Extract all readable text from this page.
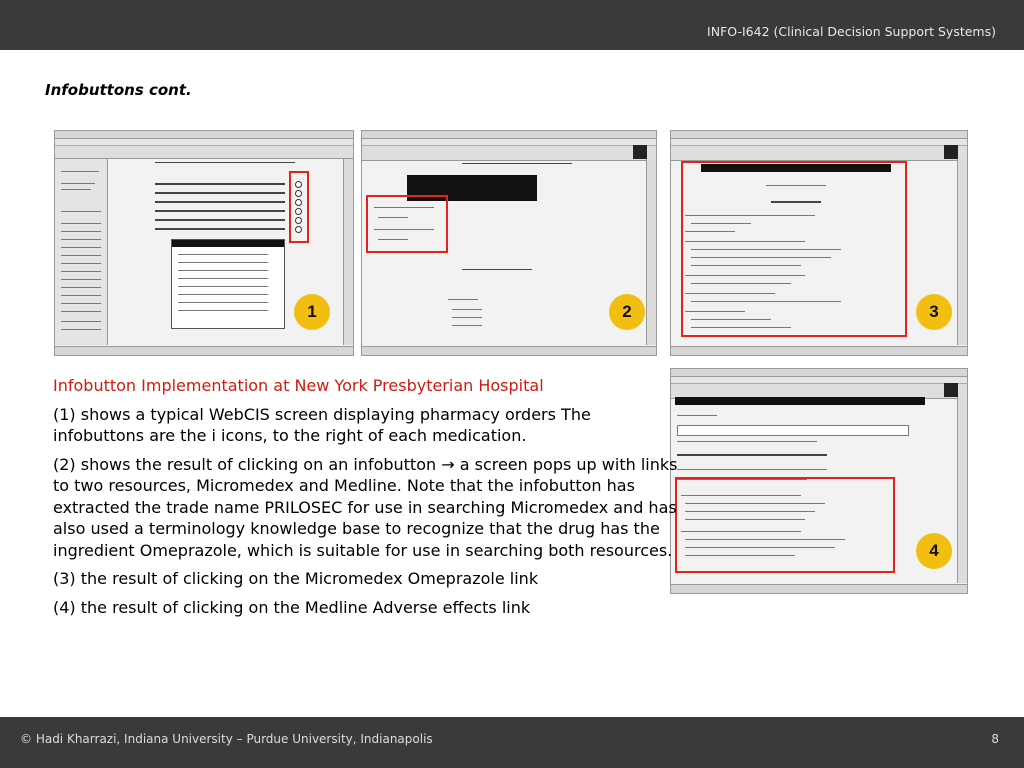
INFO-I642 (Clinical Decision Support Systems)
Infobuttons cont.
1	2	3
4
Infobutton Implementation at New York Presbyterian Hospital

(1) shows a typical WebCIS screen displaying pharmacy orders The infobuttons are the i icons, to the right of each medication.

(2) shows the result of clicking on an infobutton → a screen pops up with links to two resources, Micromedex and Medline. Note that the infobutton has extracted the trade name PRILOSEC for use in searching Micromedex and has also used a terminology knowledge base to recognize that the drug has the ingredient Omeprazole, which is suitable for use in searching both resources.

(3) the result of clicking on the Micromedex Omeprazole link

(4) the result of clicking on the Medline Adverse effects link

© Hadi Kharrazi, Indiana University – Purdue University, Indianapolis	8
